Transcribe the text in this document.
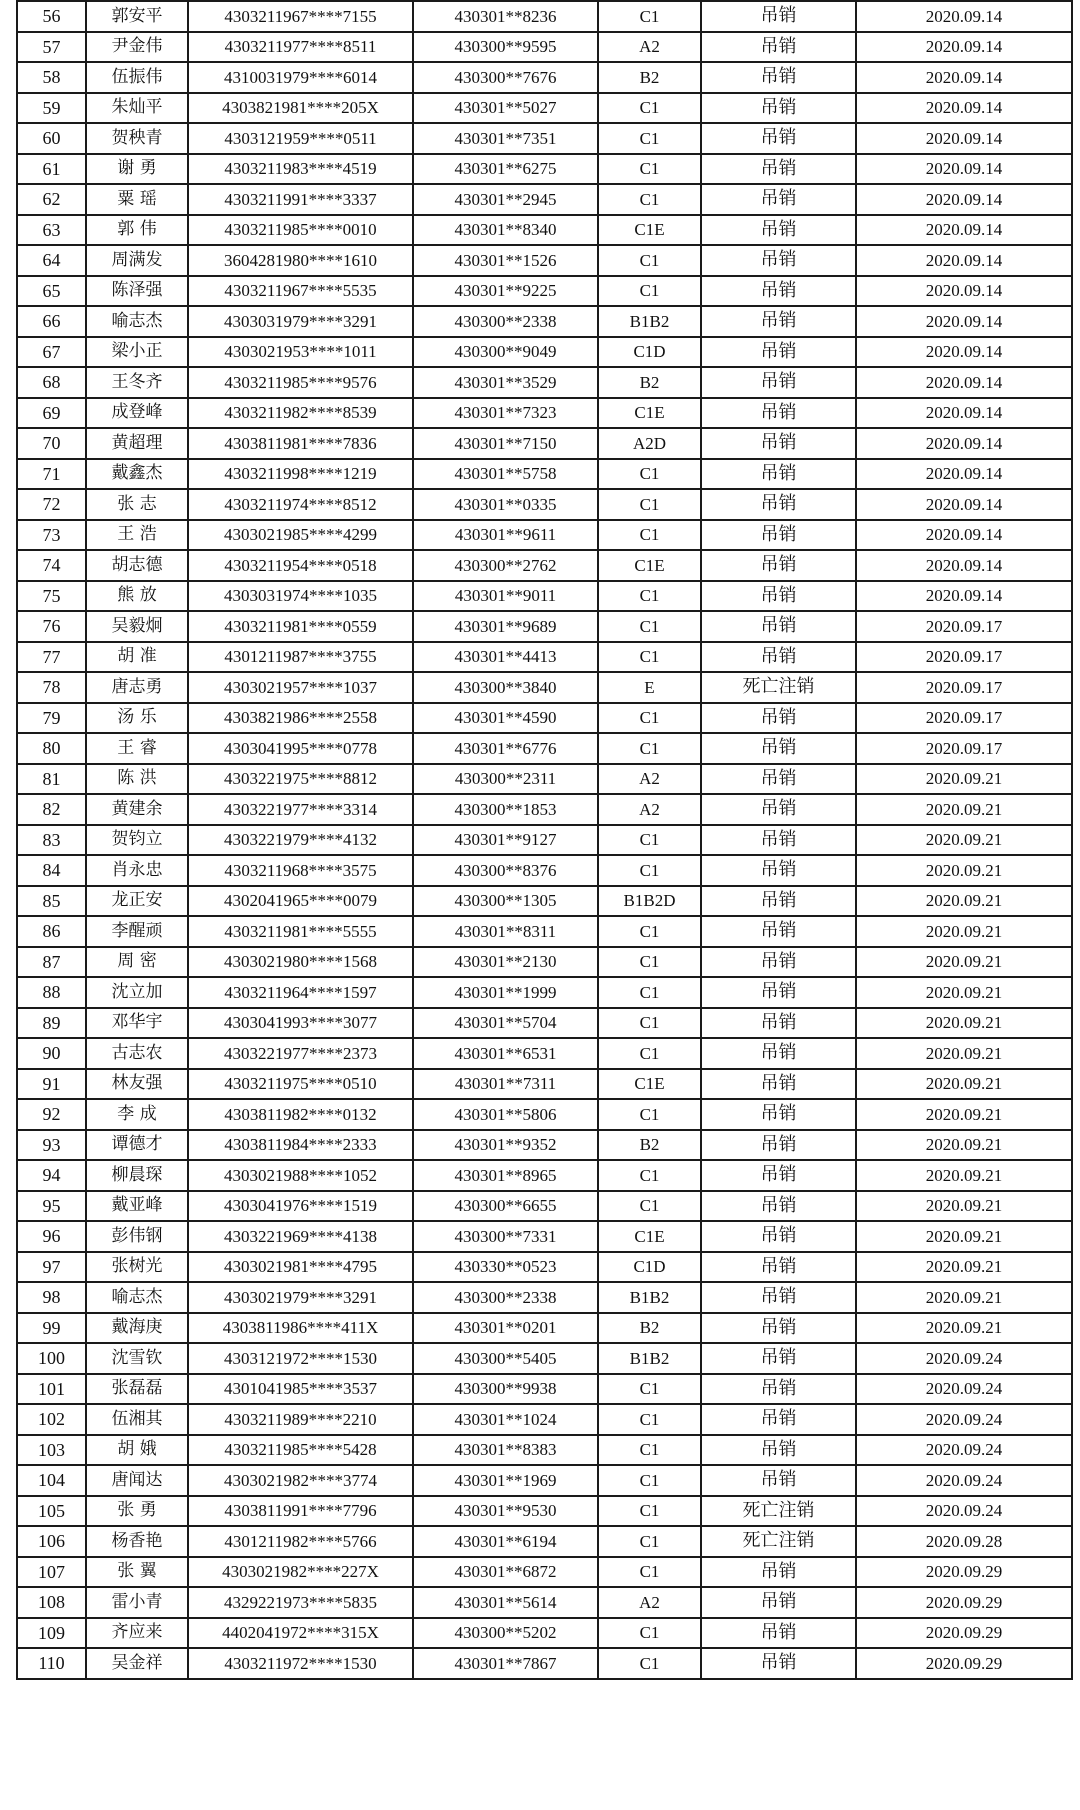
56	郭安平	4303211967****7155	430301**8236	C1	吊销	2020.09.14
57	尹金伟	4303211977****8511	430300**9595	A2	吊销	2020.09.14
58	伍振伟	4310031979****6014	430300**7676	B2	吊销	2020.09.14
59	朱灿平	4303821981****205X	430301**5027	C1	吊销	2020.09.14
60	贺秧青	4303121959****0511	430301**7351	C1	吊销	2020.09.14
61	谢 勇	4303211983****4519	430301**6275	C1	吊销	2020.09.14
62	粟 瑶	4303211991****3337	430301**2945	C1	吊销	2020.09.14
63	郭 伟	4303211985****0010	430301**8340	C1E	吊销	2020.09.14
64	周满发	3604281980****1610	430301**1526	C1	吊销	2020.09.14
65	陈泽强	4303211967****5535	430301**9225	C1	吊销	2020.09.14
66	喻志杰	4303031979****3291	430300**2338	B1B2	吊销	2020.09.14
67	梁小正	4303021953****1011	430300**9049	C1D	吊销	2020.09.14
68	王冬齐	4303211985****9576	430301**3529	B2	吊销	2020.09.14
69	成登峰	4303211982****8539	430301**7323	C1E	吊销	2020.09.14
70	黄超理	4303811981****7836	430301**7150	A2D	吊销	2020.09.14
71	戴鑫杰	4303211998****1219	430301**5758	C1	吊销	2020.09.14
72	张 志	4303211974****8512	430301**0335	C1	吊销	2020.09.14
73	王 浩	4303021985****4299	430301**9611	C1	吊销	2020.09.14
74	胡志德	4303211954****0518	430300**2762	C1E	吊销	2020.09.14
75	熊 放	4303031974****1035	430301**9011	C1	吊销	2020.09.14
76	吴毅炯	4303211981****0559	430301**9689	C1	吊销	2020.09.17
77	胡 准	4301211987****3755	430301**4413	C1	吊销	2020.09.17
78	唐志勇	4303021957****1037	430300**3840	E	死亡注销	2020.09.17
79	汤 乐	4303821986****2558	430301**4590	C1	吊销	2020.09.17
80	王 睿	4303041995****0778	430301**6776	C1	吊销	2020.09.17
81	陈 洪	4303221975****8812	430300**2311	A2	吊销	2020.09.21
82	黄建余	4303221977****3314	430300**1853	A2	吊销	2020.09.21
83	贺钧立	4303221979****4132	430301**9127	C1	吊销	2020.09.21
84	肖永忠	4303211968****3575	430300**8376	C1	吊销	2020.09.21
85	龙正安	4302041965****0079	430300**1305	B1B2D	吊销	2020.09.21
86	李醒顽	4303211981****5555	430301**8311	C1	吊销	2020.09.21
87	周 密	4303021980****1568	430301**2130	C1	吊销	2020.09.21
88	沈立加	4303211964****1597	430301**1999	C1	吊销	2020.09.21
89	邓华宇	4303041993****3077	430301**5704	C1	吊销	2020.09.21
90	古志农	4303221977****2373	430301**6531	C1	吊销	2020.09.21
91	林友强	4303211975****0510	430301**7311	C1E	吊销	2020.09.21
92	李 成	4303811982****0132	430301**5806	C1	吊销	2020.09.21
93	谭德才	4303811984****2333	430301**9352	B2	吊销	2020.09.21
94	柳晨琛	4303021988****1052	430301**8965	C1	吊销	2020.09.21
95	戴亚峰	4303041976****1519	430300**6655	C1	吊销	2020.09.21
96	彭伟钢	4303221969****4138	430300**7331	C1E	吊销	2020.09.21
97	张树光	4303021981****4795	430330**0523	C1D	吊销	2020.09.21
98	喻志杰	4303021979****3291	430300**2338	B1B2	吊销	2020.09.21
99	戴海庚	4303811986****411X	430301**0201	B2	吊销	2020.09.21
100	沈雪钦	4303121972****1530	430300**5405	B1B2	吊销	2020.09.24
101	张磊磊	4301041985****3537	430300**9938	C1	吊销	2020.09.24
102	伍湘其	4303211989****2210	430301**1024	C1	吊销	2020.09.24
103	胡 娥	4303211985****5428	430301**8383	C1	吊销	2020.09.24
104	唐闻达	4303021982****3774	430301**1969	C1	吊销	2020.09.24
105	张 勇	4303811991****7796	430301**9530	C1	死亡注销	2020.09.24
106	杨香艳	4301211982****5766	430301**6194	C1	死亡注销	2020.09.28
107	张 翼	4303021982****227X	430301**6872	C1	吊销	2020.09.29
108	雷小青	4329221973****5835	430301**5614	A2	吊销	2020.09.29
109	齐应来	4402041972****315X	430300**5202	C1	吊销	2020.09.29
110	吴金祥	4303211972****1530	430301**7867	C1	吊销	2020.09.29
